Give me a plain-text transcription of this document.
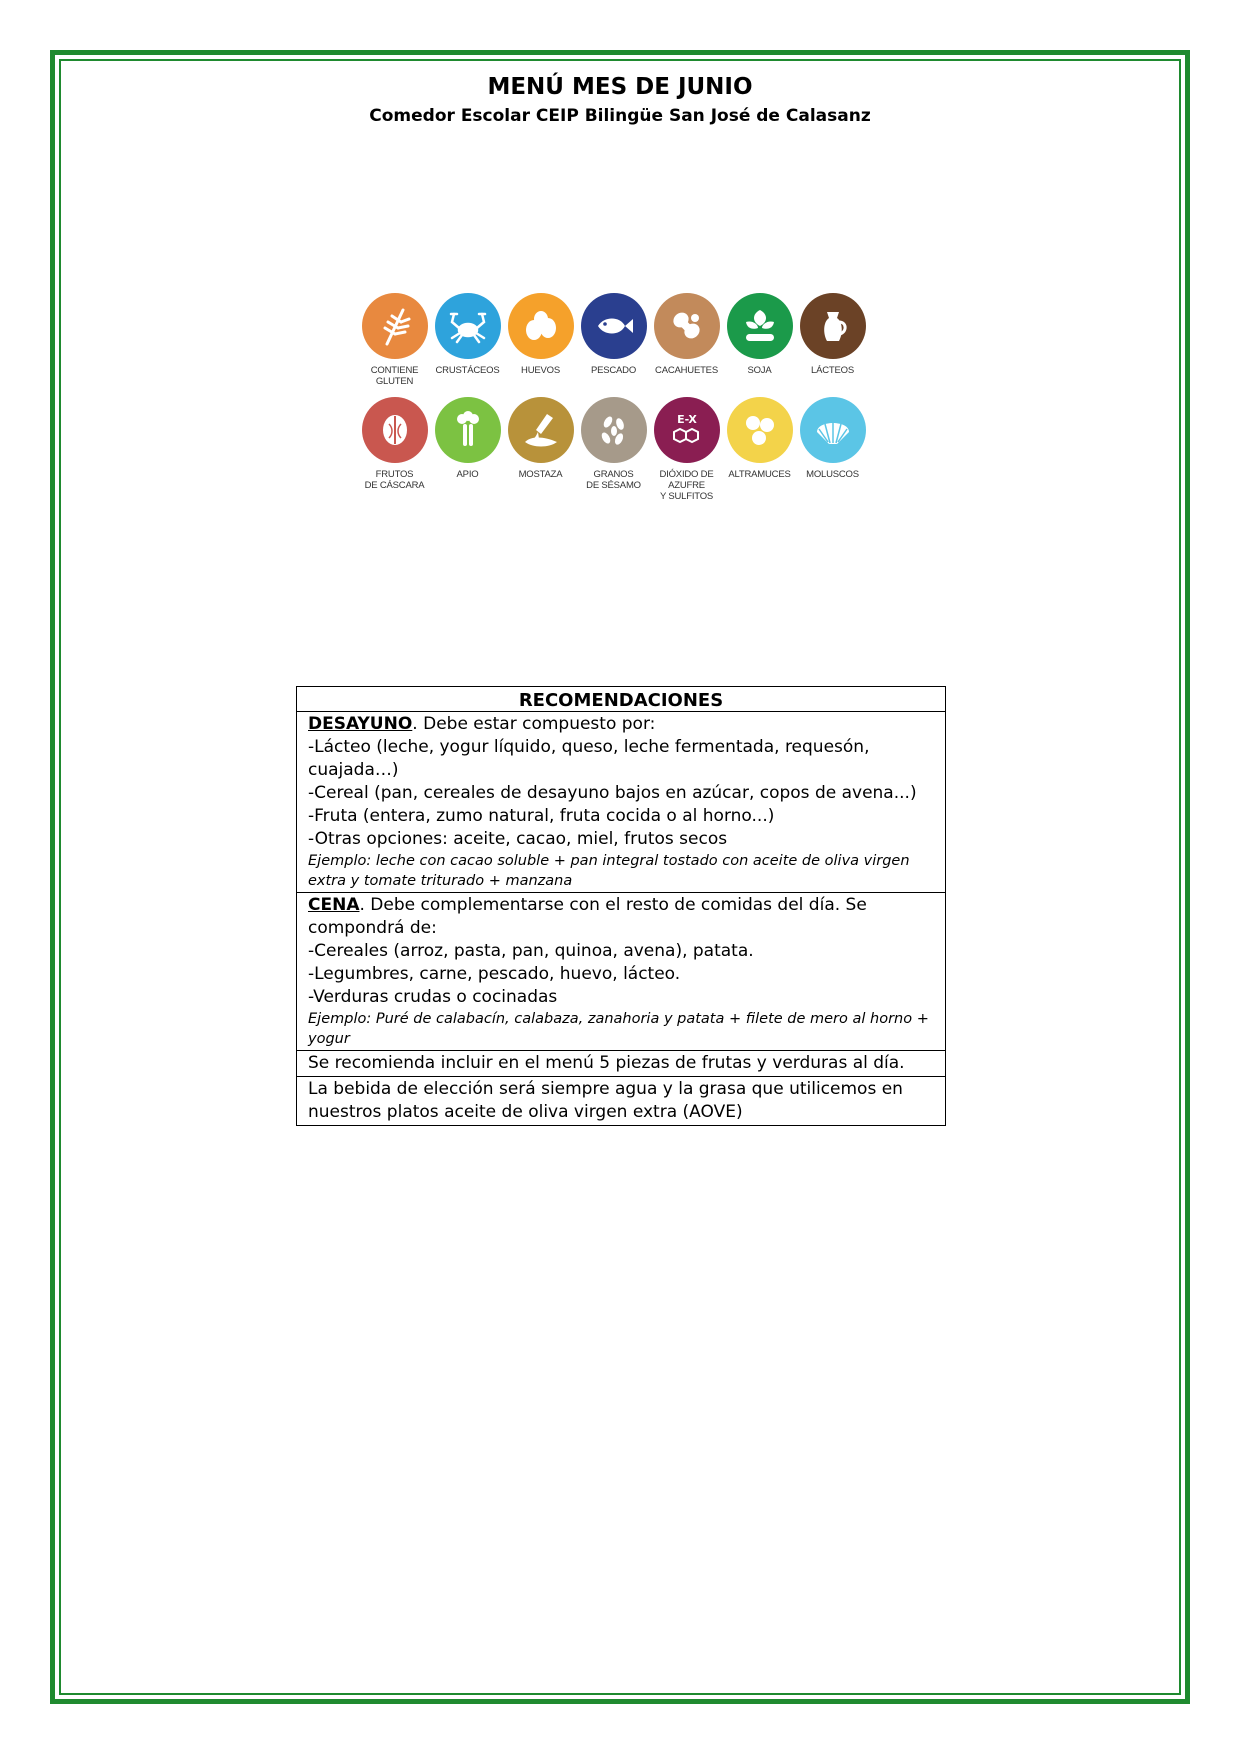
MENÚ MES DE JUNIO
Comedor Escolar CEIP Bilingüe San José de Calasanz
CONTIENE
GLUTEN
CRUSTÁCEOS HUEVOS	PESCADO CACAHUETES	SOJA	LÁCTEOS
FRUTOS
DE CÁSCARA
APIO	MOSTAZA	GRANOS
DE SÉSAMO
E-X
DIÓXIDO DE AZUFRE
Y SULFITOS
ALTRAMUCES MOLUSCOS
RECOMENDACIONES

DESAYUNO. Debe estar compuesto por:
-Lácteo (leche, yogur líquido, queso, leche fermentada, requesón, cuajada…)
-Cereal (pan, cereales de desayuno bajos en azúcar, copos de avena...)
-Fruta (entera, zumo natural, fruta cocida o al horno...)
-Otras opciones: aceite, cacao, miel, frutos secos
Ejemplo: leche con cacao soluble + pan integral tostado con aceite de oliva virgen extra y tomate triturado + manzana

CENA. Debe complementarse con el resto de comidas del día. Se compondrá de:
-Cereales (arroz, pasta, pan, quinoa, avena), patata.
-Legumbres, carne, pescado, huevo, lácteo.
-Verduras crudas o cocinadas
Ejemplo: Puré de calabacín, calabaza, zanahoria y patata + filete de mero al horno + yogur

Se recomienda incluir en el menú 5 piezas de frutas y verduras al día.

La bebida de elección será siempre agua y la grasa que utilicemos en nuestros platos aceite de oliva virgen extra (AOVE)
